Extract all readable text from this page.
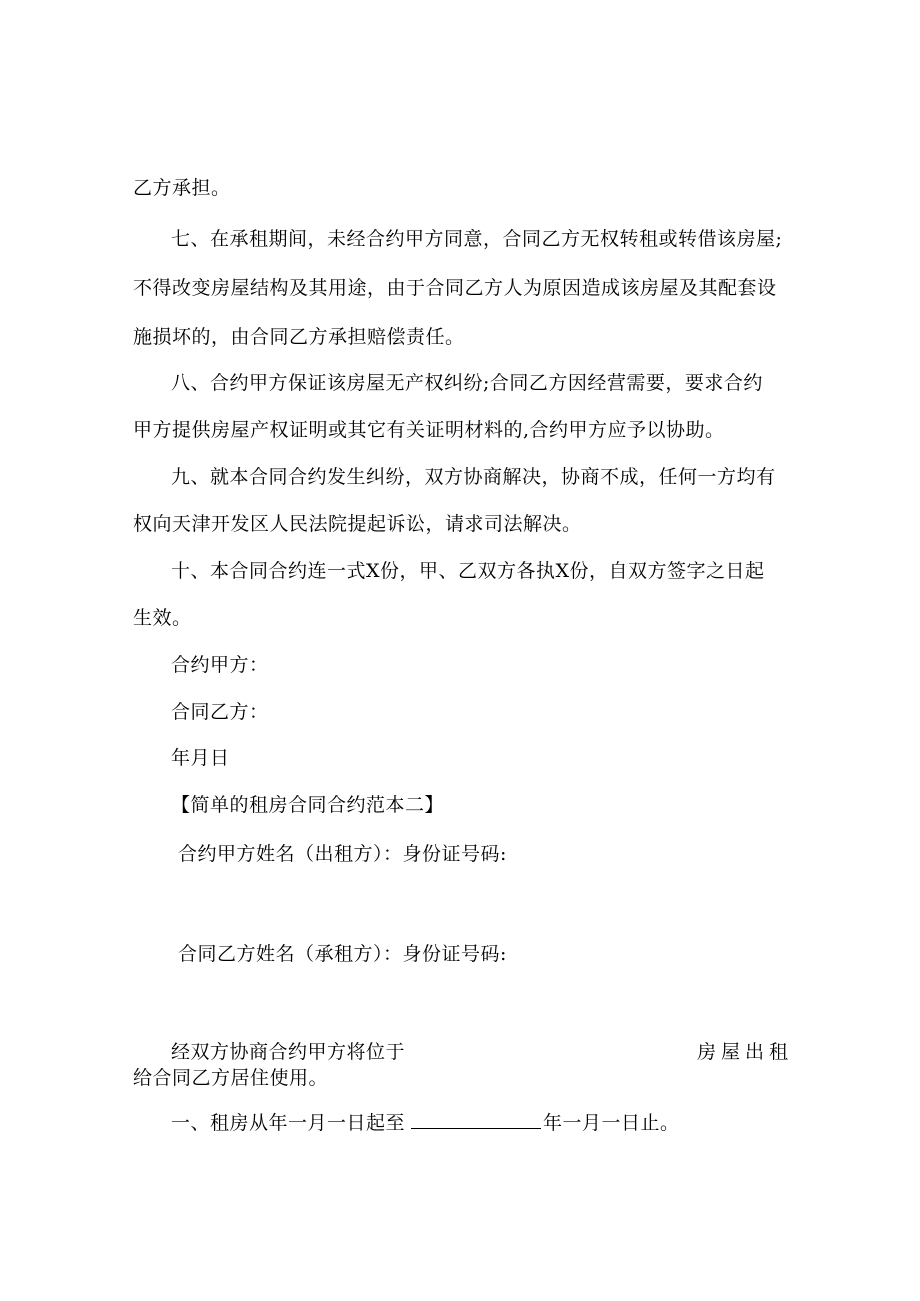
乙方承担。
七、在承租期间，未经合约甲方同意，合同乙方无权转租或转借该房屋;
不得改变房屋结构及其用途，由于合同乙方人为原因造成该房屋及其配套设
施损坏的，由合同乙方承担赔偿责任。
八、合约甲方保证该房屋无产权纠纷;合同乙方因经营需要，要求合约
甲方提供房屋产权证明或其它有关证明材料的,合约甲方应予以协助。
九、就本合同合约发生纠纷，双方协商解决，协商不成，任何一方均有
权向天津开发区人民法院提起诉讼，请求司法解决。
十、本合同合约连一式X份，甲、乙双方各执X份，自双方签字之日起
生效。
合约甲方：
合同乙方：
年月日
【简单的租房合同合约范本二】
合约甲方姓名（出租方）：身份证号码:
合同乙方姓名（承租方）：身份证号码:
经双方协商合约甲方将位于	房屋出租
给合同乙方居住使用。
一、租房从年一月一日起至	年一月一日止。
